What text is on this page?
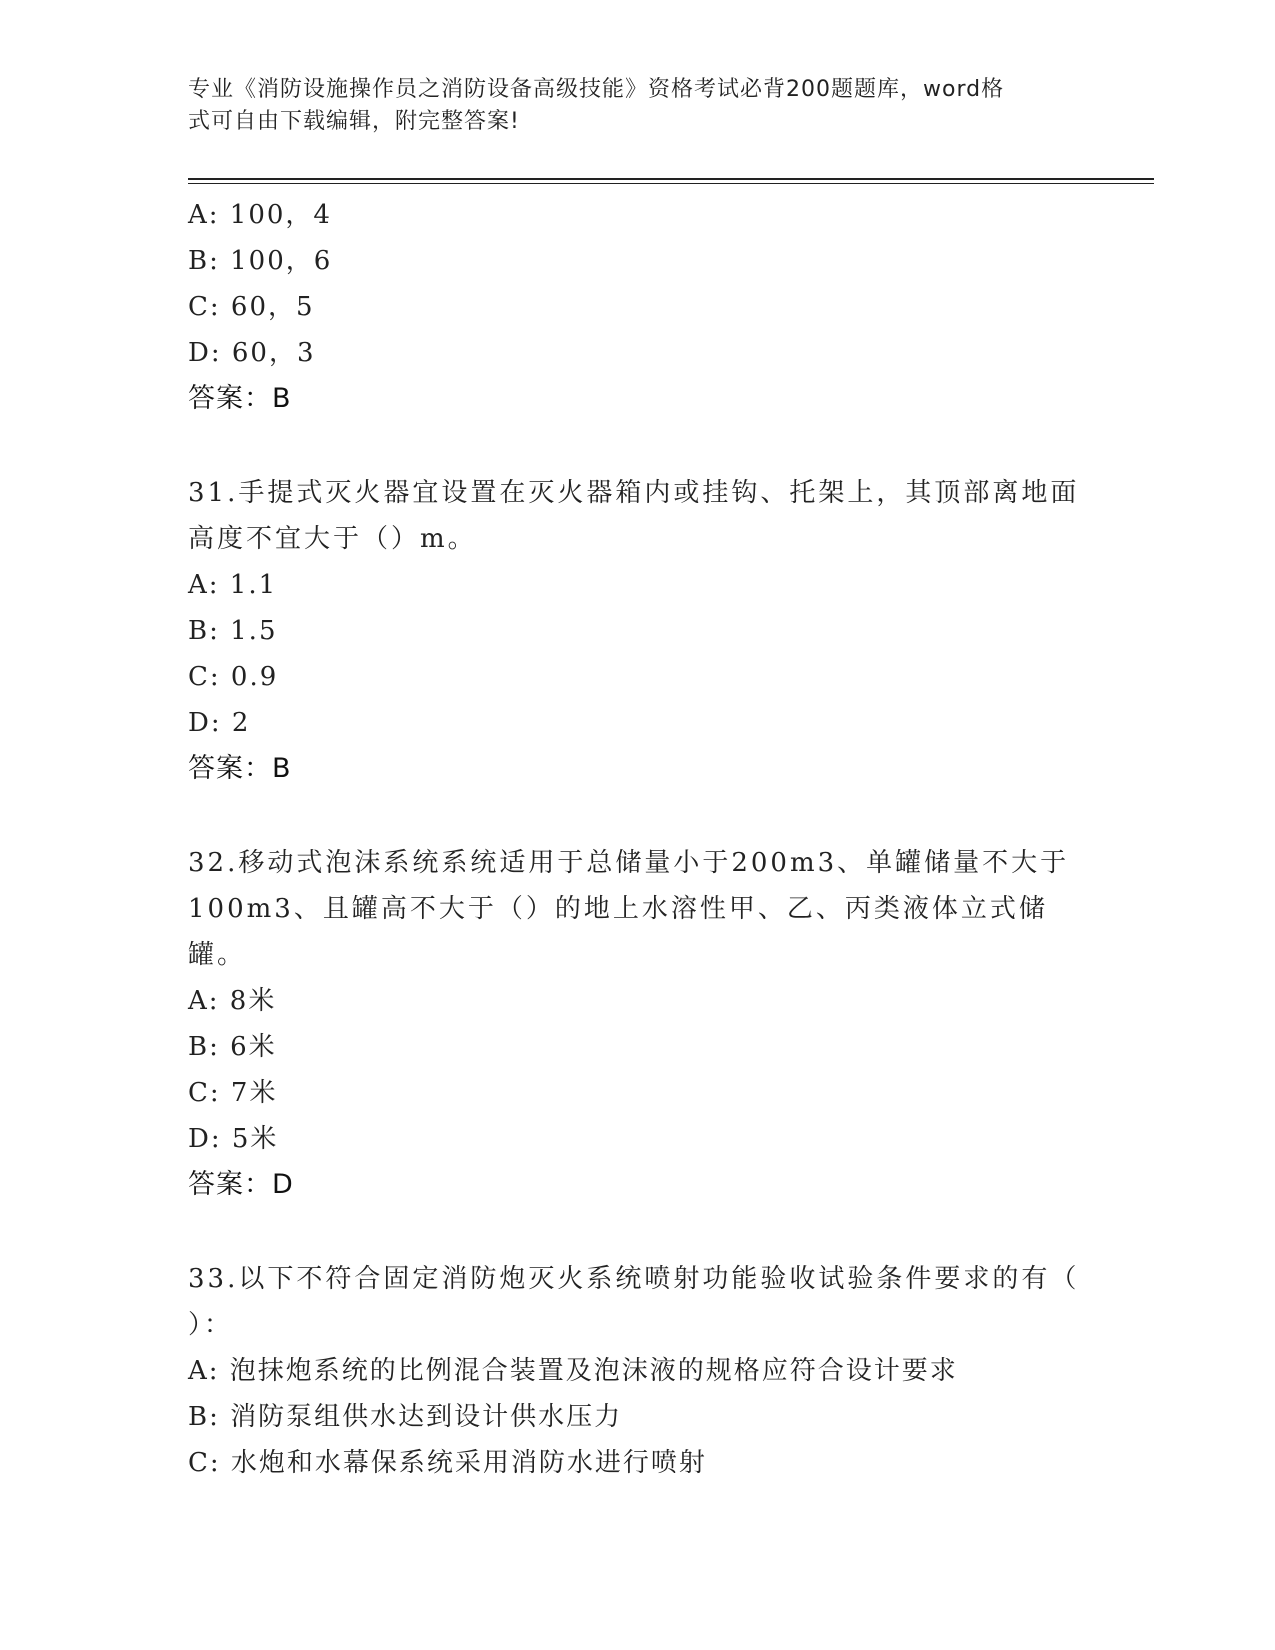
专业《消防设施操作员之消防设备高级技能》资格考试必背200题题库，word格
式可自由下载编辑，附完整答案!
A: 100，4
B: 100，6
C: 60，5
D: 60，3
答案：B
31.手提式灭火器宜设置在灭火器箱内或挂钩、托架上，其顶部离地面
高度不宜大于（）m。
A: 1.1
B: 1.5
C: 0.9
D: 2
答案：B
32.移动式泡沫系统系统适用于总储量小于200m3、单罐储量不大于
100m3、且罐高不大于（）的地上水溶性甲、乙、丙类液体立式储罐。
A: 8米
B: 6米
C: 7米
D: 5米
答案：D
33.以下不符合固定消防炮灭火系统喷射功能验收试验条件要求的有（
）：
A: 泡抹炮系统的比例混合装置及泡沫液的规格应符合设计要求
B: 消防泵组供水达到设计供水压力
C: 水炮和水幕保系统采用消防水进行喷射
